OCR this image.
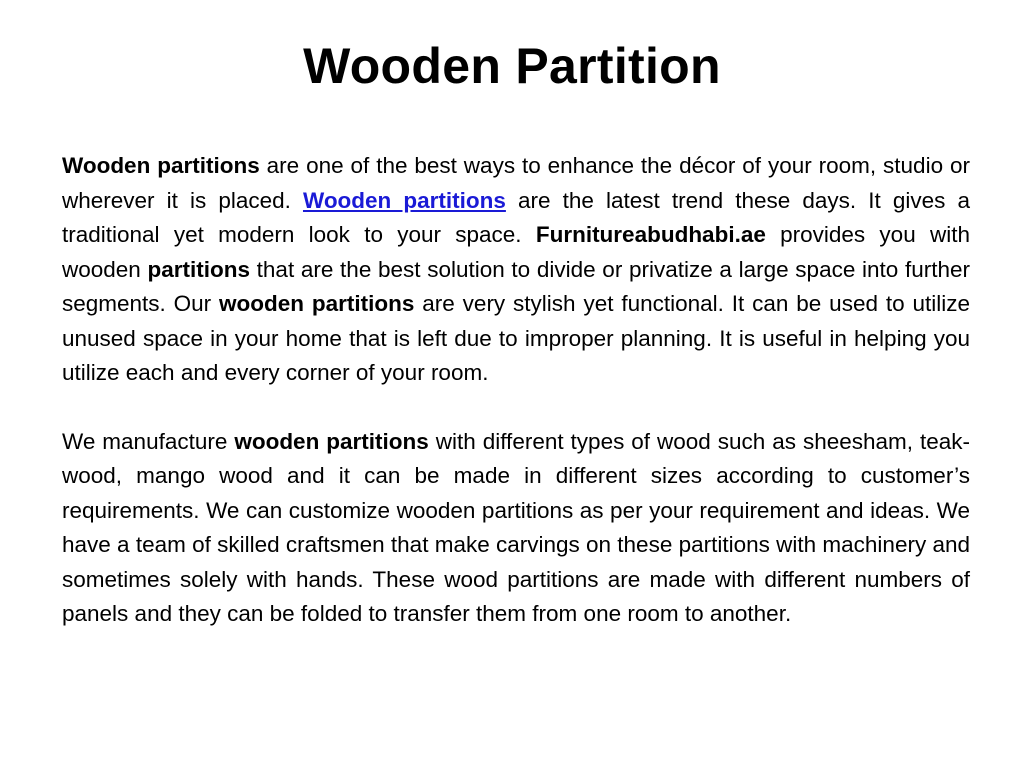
Wooden Partition

Wooden partitions are one of the best ways to enhance the décor of your room, studio or wherever it is placed. Wooden partitions are the latest trend these days. It gives a traditional yet modern look to your space. Furnitureabudhabi.ae provides you with wooden partitions that are the best solution to divide or privatize a large space into further segments. Our wooden partitions are very stylish yet functional. It can be used to utilize unused space in your home that is left due to improper planning. It is useful in helping you utilize each and every corner of your room.

We manufacture wooden partitions with different types of wood such as sheesham, teak-wood, mango wood and it can be made in different sizes according to customer’s requirements. We can customize wooden partitions as per your requirement and ideas. We have a team of skilled craftsmen that make carvings on these partitions with machinery and sometimes solely with hands. These wood partitions are made with different numbers of panels and they can be folded to transfer them from one room to another.
